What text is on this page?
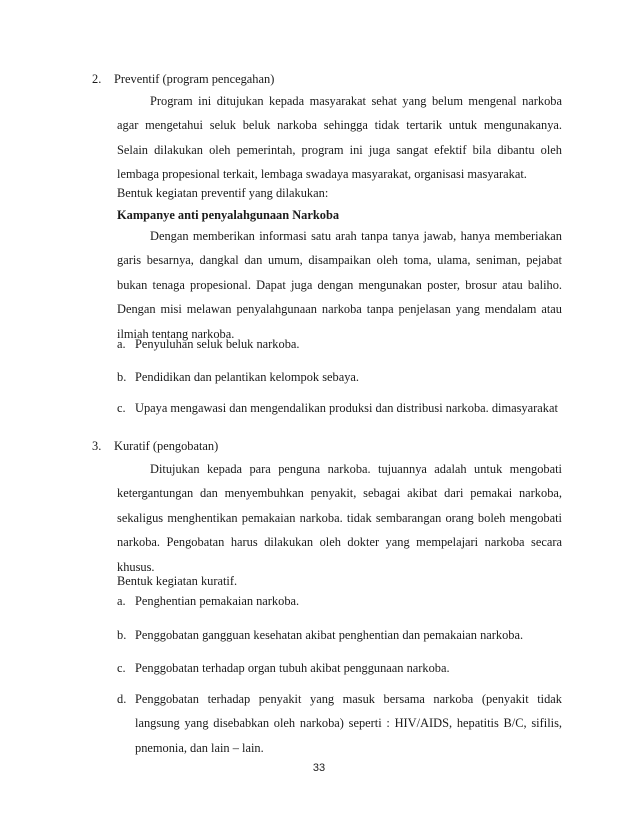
2. Preventif (program pencegahan)

Program ini ditujukan kepada masyarakat sehat yang belum mengenal narkoba agar mengetahui seluk beluk narkoba sehingga tidak tertarik untuk mengunakanya. Selain dilakukan oleh pemerintah, program ini juga sangat efektif bila dibantu oleh lembaga propesional terkait, lembaga swadaya masyarakat, organisasi masyarakat.

Bentuk kegiatan preventif yang dilakukan:
Kampanye anti penyalahgunaan Narkoba

Dengan memberikan informasi satu arah tanpa tanya jawab, hanya memberiakan garis besarnya, dangkal dan umum, disampaikan oleh toma, ulama, seniman, pejabat bukan tenaga propesional. Dapat juga dengan mengunakan poster, brosur atau baliho. Dengan misi melawan penyalahgunaan narkoba tanpa penjelasan yang mendalam atau ilmiah tentang narkoba.

a. Penyuluhan seluk beluk narkoba.
b. Pendidikan dan pelantikan kelompok sebaya.
c. Upaya mengawasi dan mengendalikan produksi dan distribusi narkoba. dimasyarakat
3. Kuratif (pengobatan)

Ditujukan kepada para penguna narkoba. tujuannya adalah untuk mengobati ketergantungan dan menyembuhkan penyakit, sebagai akibat dari pemakai narkoba, sekaligus menghentikan pemakaian narkoba. tidak sembarangan orang boleh mengobati narkoba. Pengobatan harus dilakukan oleh dokter yang mempelajari narkoba secara khusus.

Bentuk kegiatan kuratif.
a. Penghentian pemakaian narkoba.
b. Penggobatan gangguan kesehatan akibat penghentian dan pemakaian narkoba.
c. Penggobatan terhadap organ tubuh akibat penggunaan narkoba.

d. Penggobatan terhadap penyakit yang masuk bersama narkoba (penyakit tidak langsung yang disebabkan oleh narkoba) seperti : HIV/AIDS, hepatitis B/C, sifilis, pnemonia, dan lain – lain.

33
